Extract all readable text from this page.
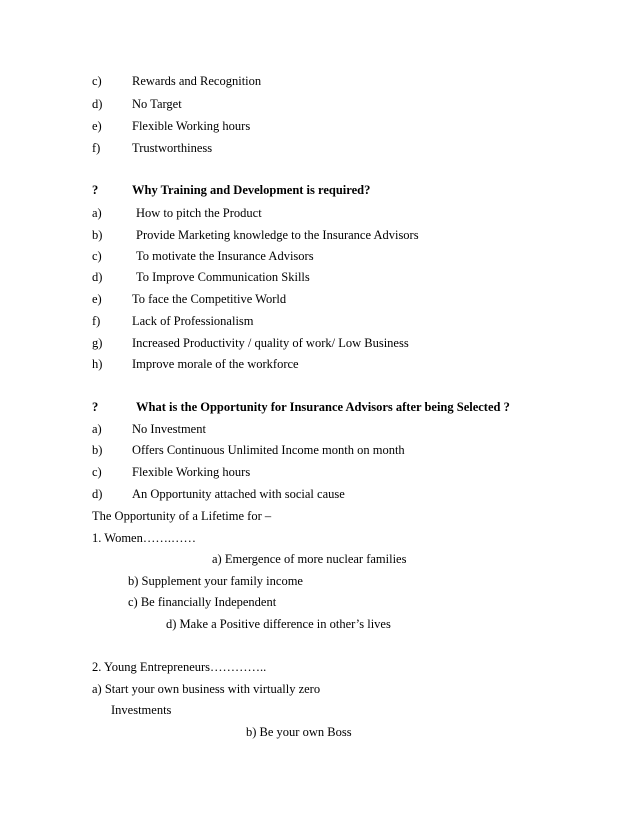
c)	Rewards and Recognition
d)	No Target
e)	Flexible Working hours
f)	Trustworthiness
?	Why Training and Development is required?
a)	How to pitch the Product
b)	Provide Marketing knowledge to the Insurance Advisors
c)	To motivate the Insurance Advisors
d)	To Improve Communication Skills
e)	To face the Competitive World
f)	Lack of Professionalism
g)	Increased Productivity / quality of work/ Low Business
h)	Improve morale of the workforce
?	What is the Opportunity for Insurance Advisors after being Selected ?
a)	No Investment
b)	Offers Continuous Unlimited Income month on month
c)	Flexible Working hours
d)	An Opportunity attached with social cause
The Opportunity of a Lifetime for –
1. Women…….……
a) Emergence of more nuclear families
b) Supplement your family income
c) Be financially Independent
d) Make a Positive difference in other’s lives
2. Young Entrepreneurs…………..
a) Start your own business with virtually zero
Investments
b) Be your own Boss
